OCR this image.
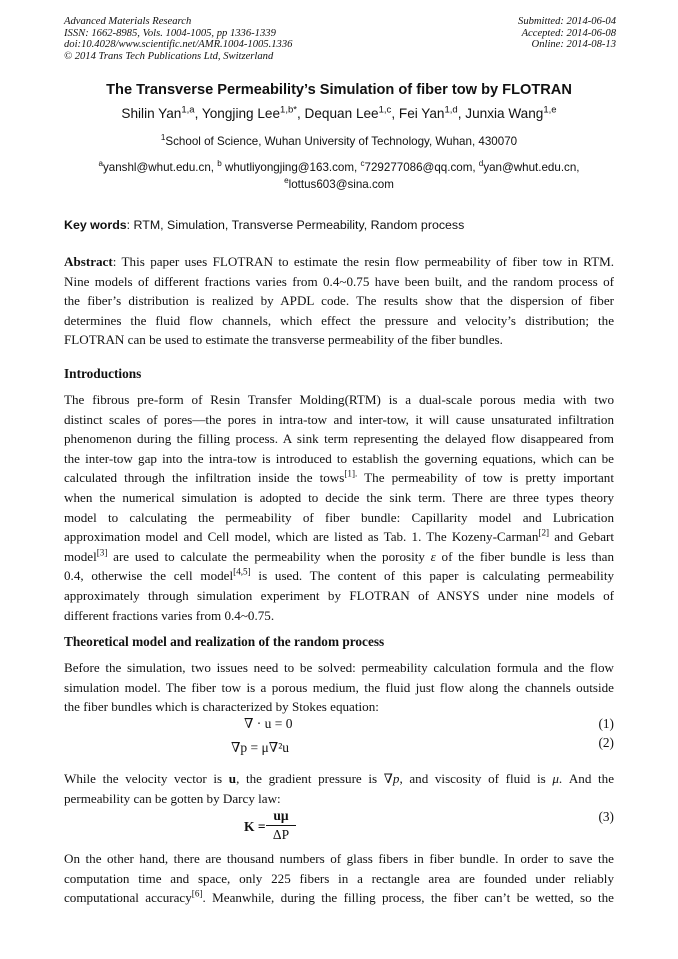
Advanced Materials Research
ISSN: 1662-8985, Vols. 1004-1005, pp 1336-1339
doi:10.4028/www.scientific.net/AMR.1004-1005.1336
© 2014 Trans Tech Publications Ltd, Switzerland
Submitted: 2014-06-04
Accepted: 2014-06-08
Online: 2014-08-13
The Transverse Permeability’s Simulation of fiber tow by FLOTRAN
Shilin Yan$^{1,a}$, Yongjing Lee$^{1,b*}$, Dequan Lee$^{1,c}$, Fei Yan$^{1,d}$, Junxia Wang$^{1,e}$
$^1$School of Science, Wuhan University of Technology, Wuhan, 430070
$^a$yanshl@whut.edu.cn, $^b$ whutliyongjing@163.com, $^c$729277086@qq.com, $^d$yan@whut.edu.cn,
$^e$lottus603@sina.com
Key words: RTM, Simulation, Transverse Permeability, Random process
Abstract: This paper uses FLOTRAN to estimate the resin flow permeability of fiber tow in RTM.
Nine models of different fractions varies from 0.4~0.75 have been built, and the random process of
the fiber’s distribution is realized by APDL code. The results show that the dispersion of fiber
determines the fluid flow channels, which effect the pressure and velocity’s distribution; the
FLOTRAN can be used to estimate the transverse permeability of the fiber bundles.
Introductions
The fibrous pre-form of Resin Transfer Molding(RTM) is a dual-scale porous media with two
distinct scales of pores—the pores in intra-tow and inter-tow, it will cause unsaturated infiltration
phenomenon during the filling process. A sink term representing the delayed flow disappeared from
the inter-tow gap into the intra-tow is introduced to establish the governing equations, which can be
calculated through the infiltration inside the tows$^{[1].}$ The permeability of tow is pretty important
when the numerical simulation is adopted to decide the sink term. There are three types theory
model to calculating the permeability of fiber bundle: Capillarity model and Lubrication
approximation model and Cell model, which are listed as Tab. 1. The Kozeny-Carman[2] and Gebart
model[3] are used to calculate the permeability when the porosity ε of the fiber bundle is less than
0.4, otherwise the cell model[4,5] is used. The content of this paper is calculating permeability
approximately through simulation experiment by FLOTRAN of ANSYS under nine models of
different fractions varies from 0.4~0.75.
Theoretical model and realization of the random process
Before the simulation, two issues need to be solved: permeability calculation formula and the flow
simulation model. The fiber tow is a porous medium, the fluid just flow along the channels outside
the fiber bundles which is characterized by Stokes equation:
∇ · u = 0	(1)
∇p = μ∇²u	(2)
While the velocity vector is u, the gradient pressure is ∇p, and viscosity of fluid is μ. And the
permeability can be gotten by Darcy law:
K =
uμ
ΔP
(3)
On the other hand, there are thousand numbers of glass fibers in fiber bundle. In order to save the
computation time and space, only 225 fibers in a rectangle area are founded under reliably
computational accuracy[6]. Meanwhile, during the filling process, the fiber can’t be wetted, so the
